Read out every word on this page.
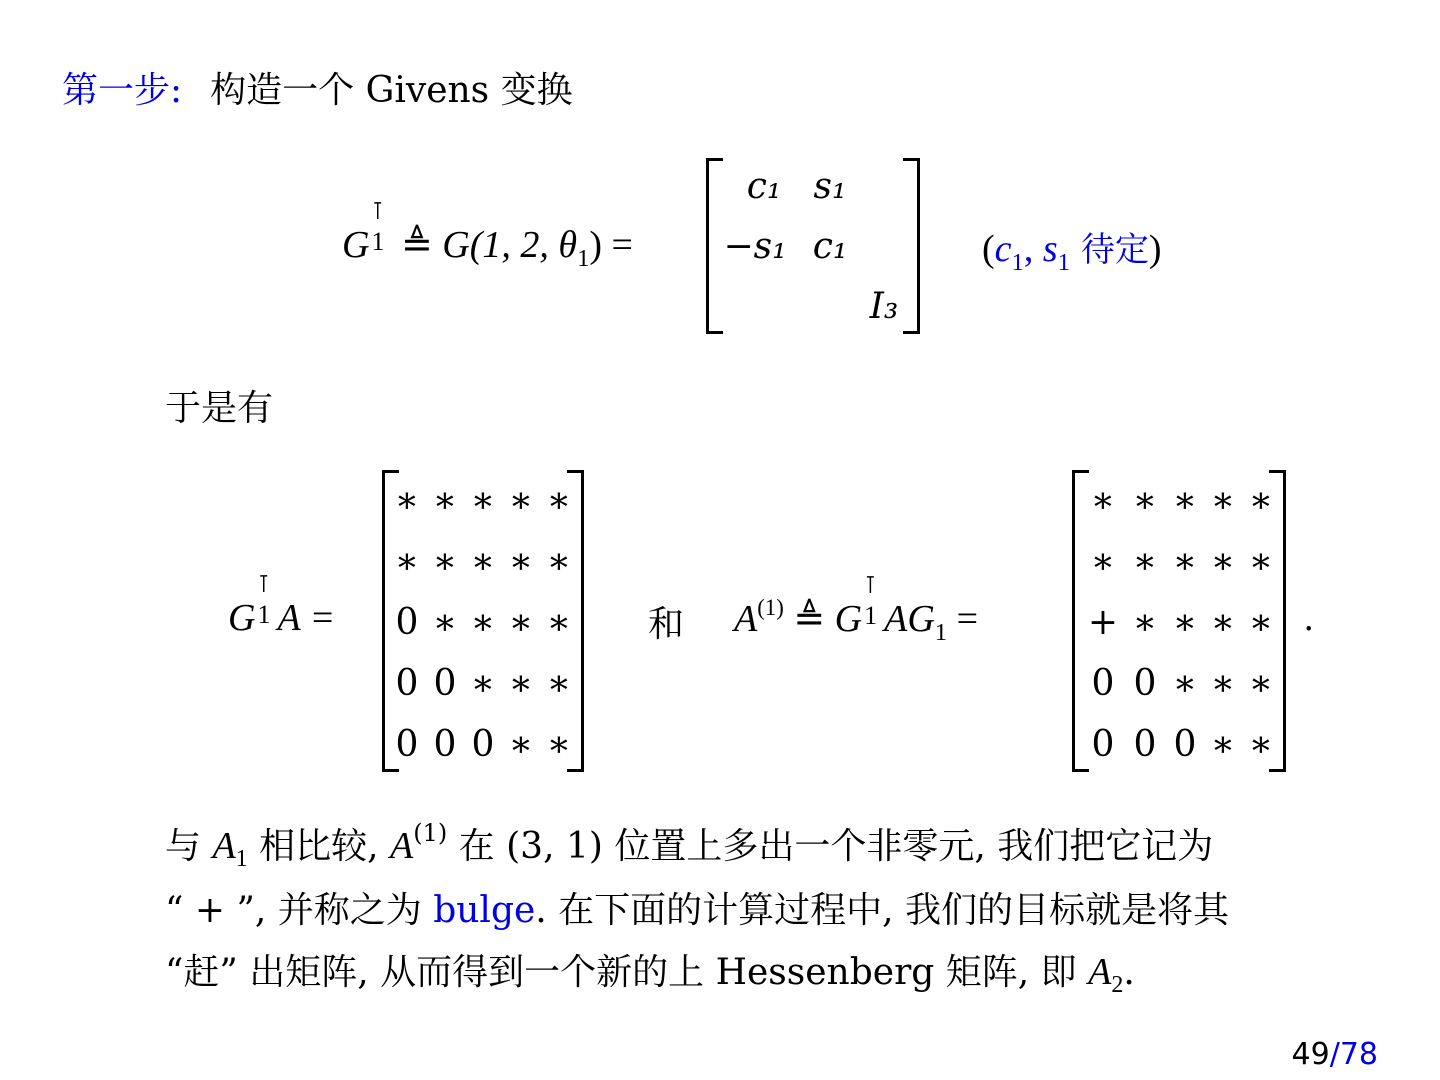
第一步: 构造一个 Givens 变换
G
⊺
1 ≜ G(1, 2, $\theta_1$) =
c₁ s₁
−s₁ c₁
I₃
($c_1$, $s_1$ 待定)
于是有
G
⊺
1 A =
∗ ∗ ∗ ∗ ∗
∗ ∗ ∗ ∗ ∗
0 ∗ ∗ ∗ ∗
0 0 ∗ ∗ ∗
0 0 0 ∗ ∗
和 $A^{(1)}$ ≜ G
⊺
1 $AG_1$ =
∗ ∗ ∗ ∗ ∗
∗ ∗ ∗ ∗ ∗
+ ∗ ∗ ∗ ∗
0 0 ∗ ∗ ∗
0 0 0 ∗ ∗
.
与 $A_1$ 相比较, $A^{(1)}$ 在 (3, 1) 位置上多出一个非零元, 我们把它记为
“ + ”, 并称之为 bulge. 在下面的计算过程中, 我们的目标就是将其
“赶” 出矩阵, 从而得到一个新的上 Hessenberg 矩阵, 即 $A_2$.
49/78
